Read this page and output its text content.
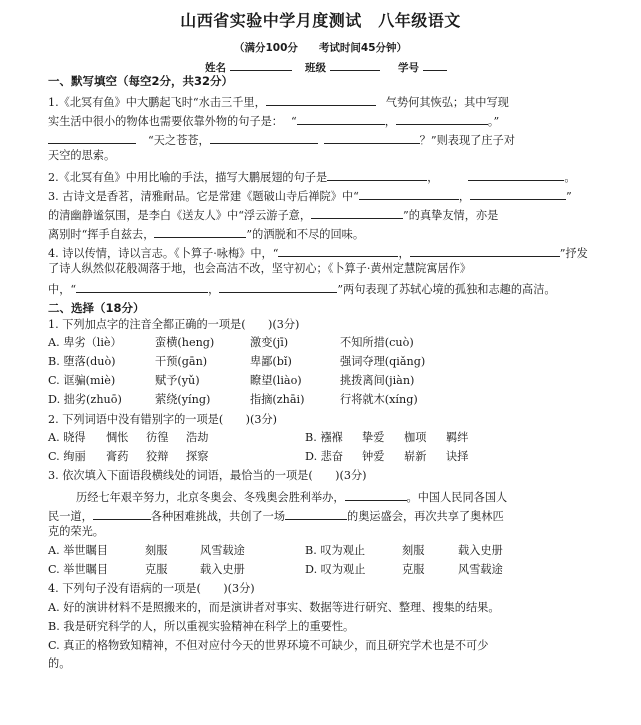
山西省实验中学月度测试　八年级语文
（满分100分　　考试时间45分钟）
姓名	班级	学号
一、默写填空（每空2分，共32分）
1.《北冥有鱼》中大鹏起飞时“水击三千里，	气势何其恢弘；其中写现
实生活中很小的物体也需要依靠外物的句子是： “	，	。”
“天之苍苍，	？”则表现了庄子对
天空的思索。
2.《北冥有鱼》中用比喻的手法，描写大鹏展翅的句子是	，	。
3. 古诗文是香茗，清雅耐品。它是常建《题破山寺后禅院》中“	，	”
的清幽静谧氛围，是李白《送友人》中“浮云游子意，	”的真挚友情，亦是
离别时“挥手自兹去，	”的洒脱和不尽的回味。
4. 诗以传情，诗以言志。《卜算子·咏梅》中，“	，	”抒发
了诗人纵然似花般凋落于地，也会高洁不改，坚守初心；《卜算子·黄州定慧院寓居作》
中，“	，	”两句表现了苏轼心境的孤独和志趣的高洁。
二、选择（18分）
1. 下列加点字的注音全都正确的一项是(　　)(3分)
A. 卑劣（liè）	蛮横(heng)	激变(jī)	不知所措(cuò)
B. 堕落(duò)	干预(gān)	卑鄙(bǐ)	强词夺理(qiǎng)
C. 诓骗(miè)	赋予(yǔ)	瞭望(liào)	挑拨离间(jiàn)
D. 拙劣(zhuō)	萦绕(yíng)	指摘(zhāi)	行将就木(xíng)
2. 下列词语中没有错别字的一项是(　　)(3分)
A. 晓得 惆怅 彷徨 浩劫	B. 襁褓 挚爱 枷项 羁绊
C. 绚丽 膏药 狡辩 探察	D. 悲奋 钟爱 崭新 诀择
3. 依次填入下面语段横线处的词语，最恰当的一项是(　　)(3分)
历经七年艰辛努力，北京冬奥会、冬残奥会胜利举办，	。中国人民同各国人
民一道，	各种困难挑战，共创了一场	的奥运盛会，再次共享了奥林匹
克的荣光。
A. 举世瞩目	刻服	风雪载途	B. 叹为观止	刻服	载入史册
C. 举世瞩目	克服	载入史册	D. 叹为观止	克服	风雪载途
4. 下列句子没有语病的一项是(　　)(3分)
A. 好的演讲材料不是照搬来的，而是演讲者对事实、数据等进行研究、整理、搜集的结果。
B. 我是研究科学的人，所以重视实验精神在科学上的重要性。
C. 真正的格物致知精神，不但对应付今天的世界环境不可缺少，而且研究学术也是不可少
的。
